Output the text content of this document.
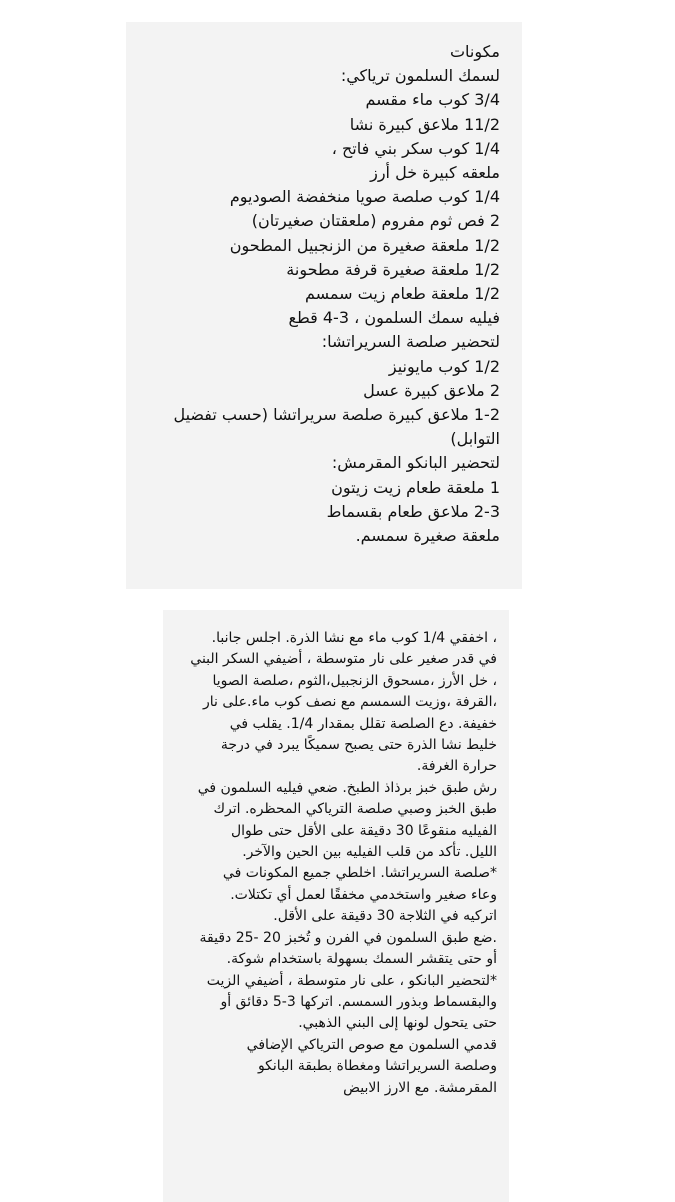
مكونات
لسمك السلمون ترياكي:
3/4 كوب ماء مقسم
11/2 ملاعق كبيرة نشا
1/4 كوب سكر بني فاتح ،
ملعقه كبيرة خل أرز
1/4 كوب صلصة صويا منخفضة الصوديوم
2 فص ثوم مفروم (ملعقتان صغيرتان)
1/2 ملعقة صغيرة من الزنجبيل المطحون
1/2 ملعقة صغيرة قرفة مطحونة
1/2 ملعقة طعام زيت سمسم
فيليه سمك السلمون ، 3-4 قطع
لتحضير صلصة السريراتشا:
1/2 كوب مايونيز
2 ملاعق كبيرة عسل
1-2 ملاعق كبيرة صلصة سريراتشا (حسب تفضيل
التوابل)
لتحضير البانكو المقرمش:
1 ملعقة طعام زيت زيتون
2-3 ملاعق طعام بقسماط
ملعقة صغيرة سمسم.
، اخفقي 1/4 كوب ماء مع نشا الذرة. اجلس جانبا.
في قدر صغير على نار متوسطة ، أضيفي السكر البني
، خل الأرز ،مسحوق الزنجبيل،الثوم ،صلصة الصويا
،القرفة ،وزيت السمسم مع نصف كوب ماء.على نار
خفيفة. دع الصلصة تقلل بمقدار 1/4. يقلب في
خليط نشا الذرة حتى يصبح سميكًا يبرد في درجة
حرارة الغرفة.
رش طبق خبز برذاذ الطبخ. ضعي فيليه السلمون في
طبق الخبز وصبي صلصة الترياكي المحظره. اترك
الفيليه منقوعًا 30 دقيقة على الأقل حتى طوال
الليل. تأكد من قلب الفيليه بين الحين والآخر.
*صلصة السريراتشا. اخلطي جميع المكونات في
وعاء صغير واستخدمي مخفقًا لعمل أي تكتلات.
اتركيه في الثلاجة 30 دقيقة على الأقل.
.ضع طبق السلمون في الفرن و تُخبز 20 -25 دقيقة
أو حتى يتقشر السمك بسهولة باستخدام شوكة.
*لتحضير البانكو ، على نار متوسطة ، أضيفي الزيت
والبقسماط وبذور السمسم. اتركها 3-5 دقائق أو
حتى يتحول لونها إلى البني الذهبي.
قدمي السلمون مع صوص الترياكي الإضافي
وصلصة السريراتشا ومغطاة بطبقة البانكو
المقرمشة. مع الارز الابيض
